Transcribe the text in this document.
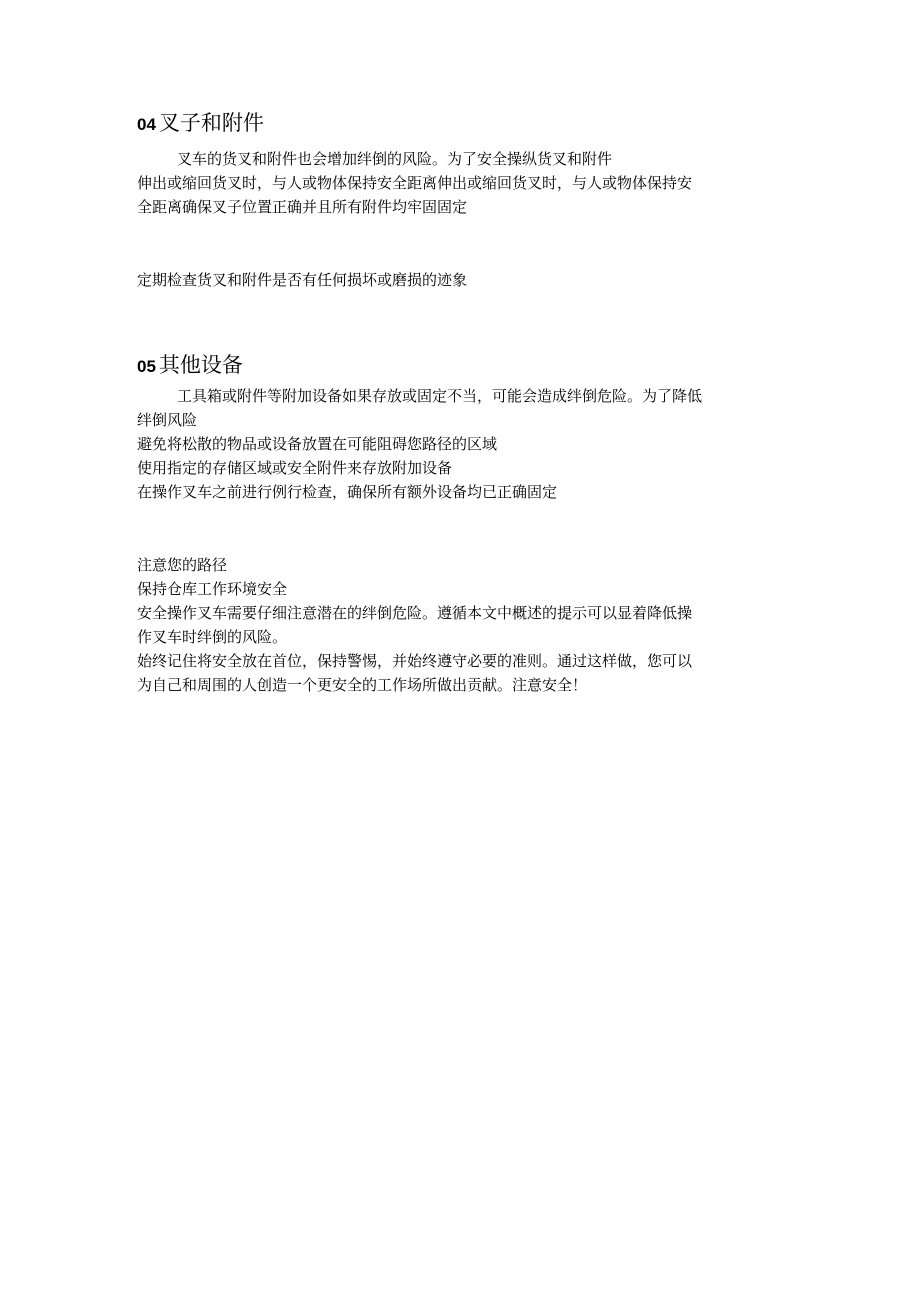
04 叉子和附件

叉车的货叉和附件也会增加绊倒的风险。为了安全操纵货叉和附件
伸出或缩回货叉时，与人或物体保持安全距离伸出或缩回货叉时，与人或物体保持安
全距离确保叉子位置正确并且所有附件均牢固固定

定期检查货叉和附件是否有任何损坏或磨损的迹象

05 其他设备

工具箱或附件等附加设备如果存放或固定不当，可能会造成绊倒危险。为了降低
绊倒风险
避免将松散的物品或设备放置在可能阻碍您路径的区域
使用指定的存储区域或安全附件来存放附加设备
在操作叉车之前进行例行检查，确保所有额外设备均已正确固定

注意您的路径
保持仓库工作环境安全
安全操作叉车需要仔细注意潜在的绊倒危险。遵循本文中概述的提示可以显着降低操
作叉车时绊倒的风险。
始终记住将安全放在首位，保持警惕，并始终遵守必要的准则。通过这样做，您可以
为自己和周围的人创造一个更安全的工作场所做出贡献。注意安全！
